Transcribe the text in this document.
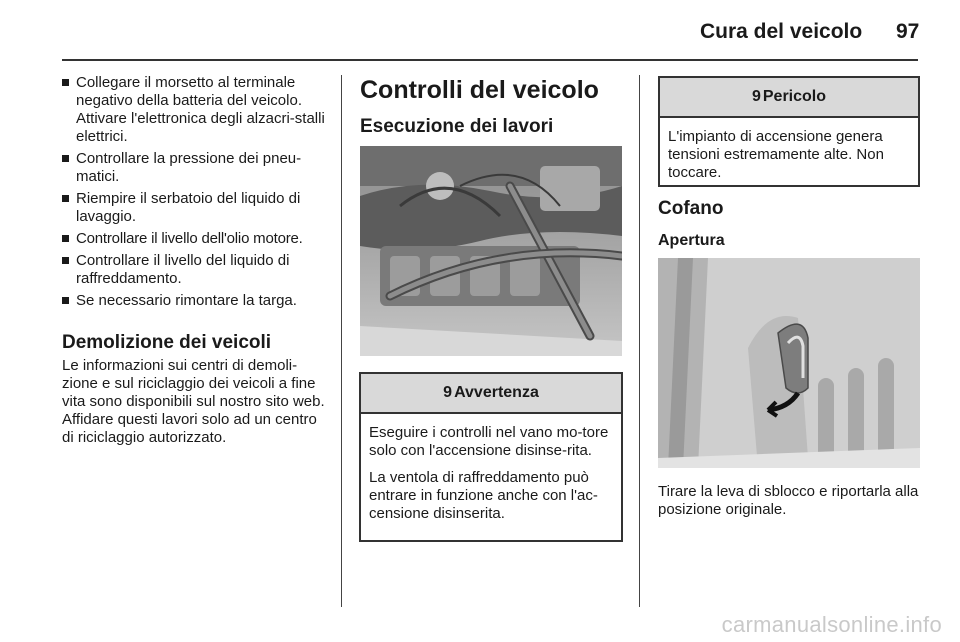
Cura del veicolo 97
Collegare il morsetto al terminale negativo della batteria del veicolo. Attivare l'elettronica degli alzacri-stalli elettrici.
Controllare la pressione dei pneu-matici.
Riempire il serbatoio del liquido di lavaggio.
Controllare il livello dell'olio motore.
Controllare il livello del liquido di raffreddamento.
Se necessario rimontare la targa.
Demolizione dei veicoli

Le informazioni sui centri di demoli-zione e sul riciclaggio dei veicoli a fine vita sono disponibili sul nostro sito web. Affidare questi lavori solo ad un centro di riciclaggio autorizzato.

Controlli del veicolo
Esecuzione dei lavori
9 Avvertenza

Eseguire i controlli nel vano mo-tore solo con l'accensione disinse-rita.

La ventola di raffreddamento può entrare in funzione anche con l'ac-censione disinserita.

9 Pericolo

L'impianto di accensione genera tensioni estremamente alte. Non toccare.

Cofano
Apertura

Tirare la leva di sblocco e riportarla alla posizione originale.

carmanualsonline.info
